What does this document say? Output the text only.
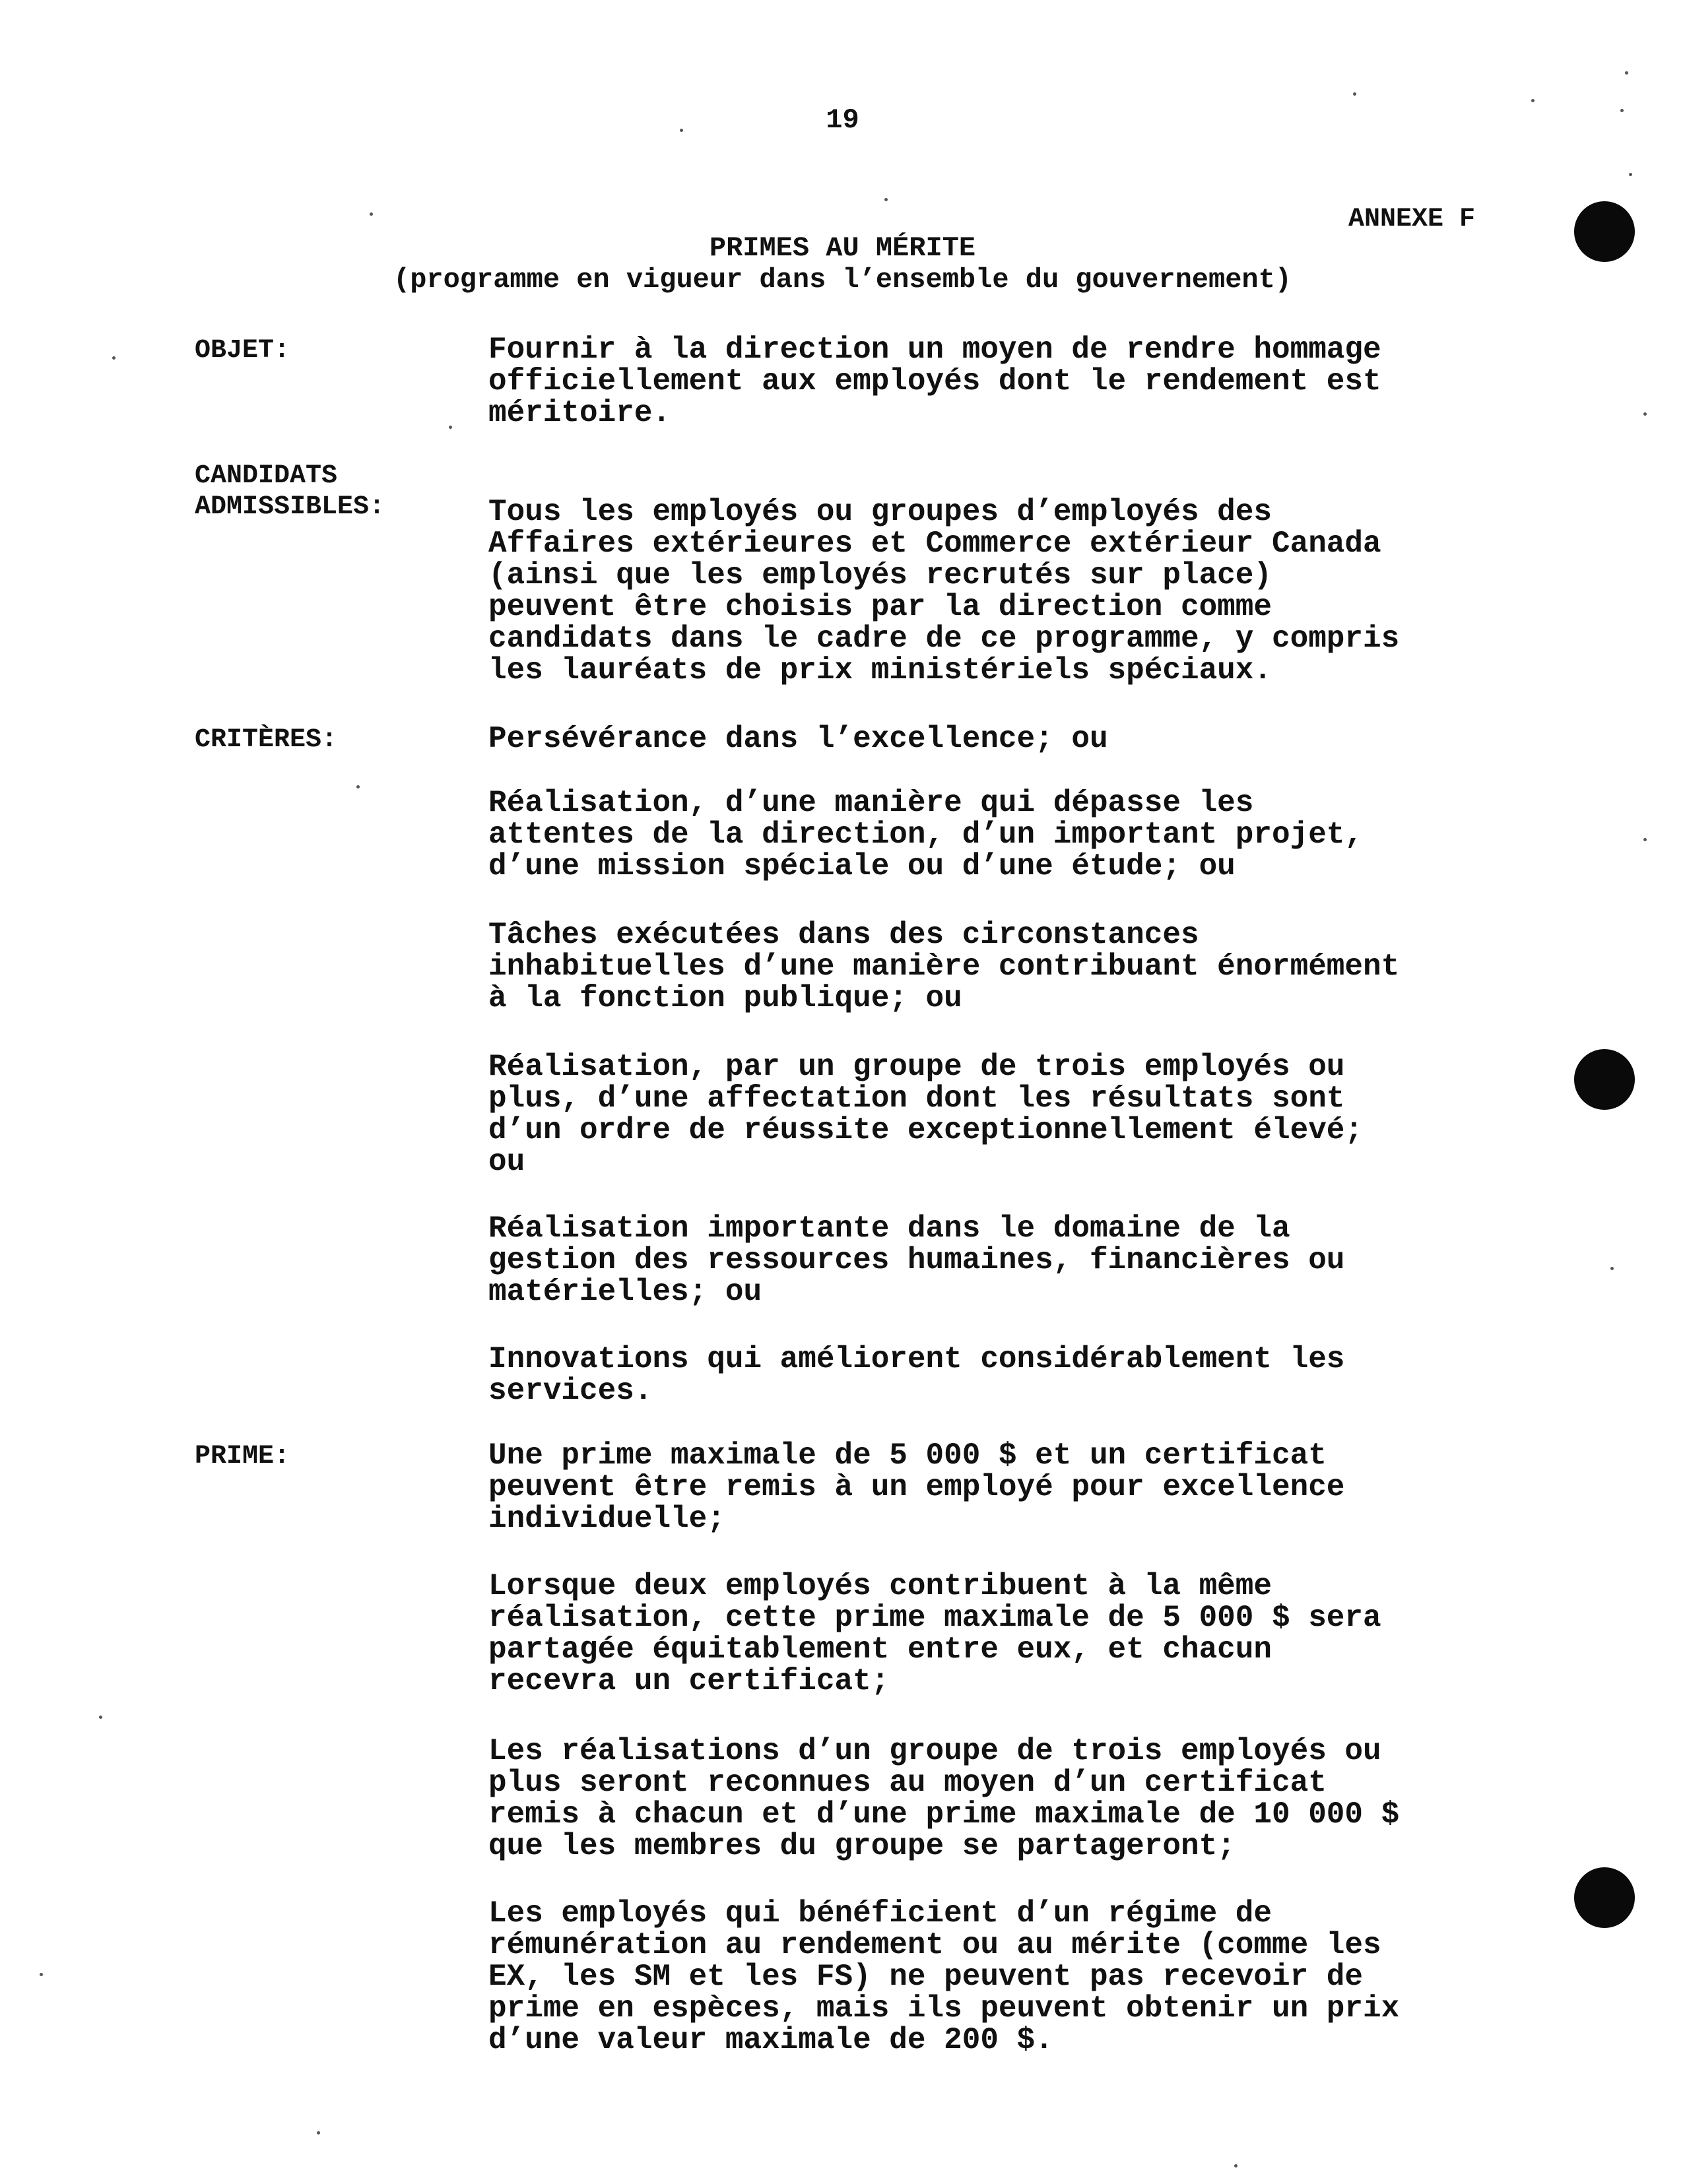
19
ANNEXE F
PRIMES AU MÉRITE
(programme en vigueur dans l’ensemble du gouvernement)
OBJET:	Fournir à la direction un moyen de rendre hommage
officiellement aux employés dont le rendement est
méritoire.
CANDIDATS
ADMISSIBLES:	Tous les employés ou groupes d’employés des
Affaires extérieures et Commerce extérieur Canada
(ainsi que les employés recrutés sur place)
peuvent être choisis par la direction comme
candidats dans le cadre de ce programme, y compris
les lauréats de prix ministériels spéciaux.
CRITÈRES:	Persévérance dans l’excellence; ou
Réalisation, d’une manière qui dépasse les
attentes de la direction, d’un important projet,
d’une mission spéciale ou d’une étude; ou
Tâches exécutées dans des circonstances
inhabituelles d’une manière contribuant énormément
à la fonction publique; ou
Réalisation, par un groupe de trois employés ou
plus, d’une affectation dont les résultats sont
d’un ordre de réussite exceptionnellement élevé;
ou
Réalisation importante dans le domaine de la
gestion des ressources humaines, financières ou
matérielles; ou
Innovations qui améliorent considérablement les
services.
PRIME:	Une prime maximale de 5 000 $ et un certificat
peuvent être remis à un employé pour excellence
individuelle;
Lorsque deux employés contribuent à la même
réalisation, cette prime maximale de 5 000 $ sera
partagée équitablement entre eux, et chacun
recevra un certificat;
Les réalisations d’un groupe de trois employés ou
plus seront reconnues au moyen d’un certificat
remis à chacun et d’une prime maximale de 10 000 $
que les membres du groupe se partageront;
Les employés qui bénéficient d’un régime de
rémunération au rendement ou au mérite (comme les
EX, les SM et les FS) ne peuvent pas recevoir de
prime en espèces, mais ils peuvent obtenir un prix
d’une valeur maximale de 200 $.
